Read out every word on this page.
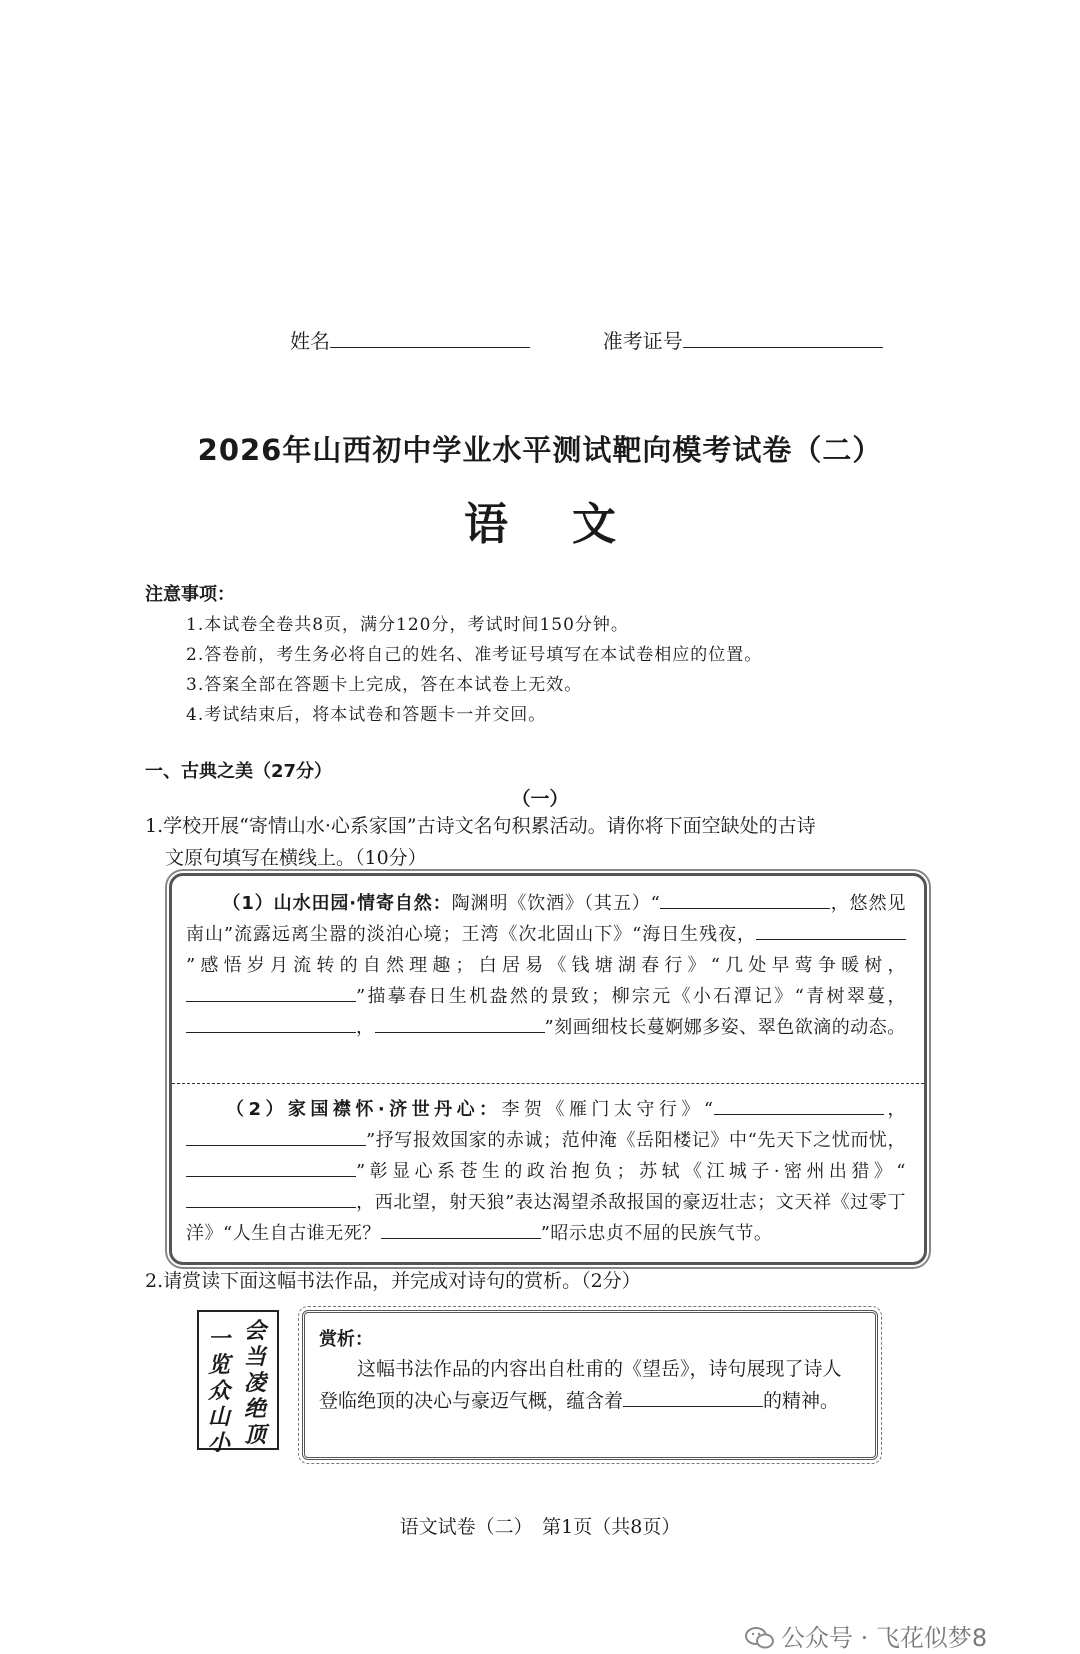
姓名	准考证号
2026年山西初中学业水平测试靶向模考试卷（二）
语文
注意事项：
1.本试卷全卷共8页，满分120分，考试时间150分钟。
2.答卷前，考生务必将自己的姓名、准考证号填写在本试卷相应的位置。
3.答案全部在答题卡上完成，答在本试卷上无效。
4.考试结束后，将本试卷和答题卡一并交回。
一、古典之美（27分）
（一）
1.学校开展“寄情山水·心系家国”古诗文名句积累活动。请你将下面空缺处的古诗
文原句填写在横线上。（10分）
（1）山水田园·情寄自然：陶渊明《饮酒》（其五）“	，悠然见南山”流露远离尘嚣的淡泊心境；王湾《次北固山下》“海日生残夜，”感悟岁月流转的自然理趣；白居易《钱塘湖春行》“几处早莺争暖树，”描摹春日生机盎然的景致；柳宗元《小石潭记》“青树翠蔓，，	”刻画细枝长蔓婀娜多姿、翠色欲滴的动态。
（2）家国襟怀·济世丹心：李贺《雁门太守行》“	，”抒写报效国家的赤诚；范仲淹《岳阳楼记》中“先天下之忧而忧，”彰显心系苍生的政治抱负；苏轼《江城子·密州出猎》“，西北望，射天狼”表达渴望杀敌报国的豪迈壮志；文天祥《过零丁洋》“人生自古谁无死？	”昭示忠贞不屈的民族气节。
2.请赏读下面这幅书法作品，并完成对诗句的赏析。（2分）
会
当
凌
绝
顶
一
览
众
山
小
赏析：
这幅书法作品的内容出自杜甫的《望岳》，诗句展现了诗人登临绝顶的决心与豪迈气概，蕴含着	的精神。
语文试卷（二）　第1页（共8页）
公众号 · 飞花似梦8
